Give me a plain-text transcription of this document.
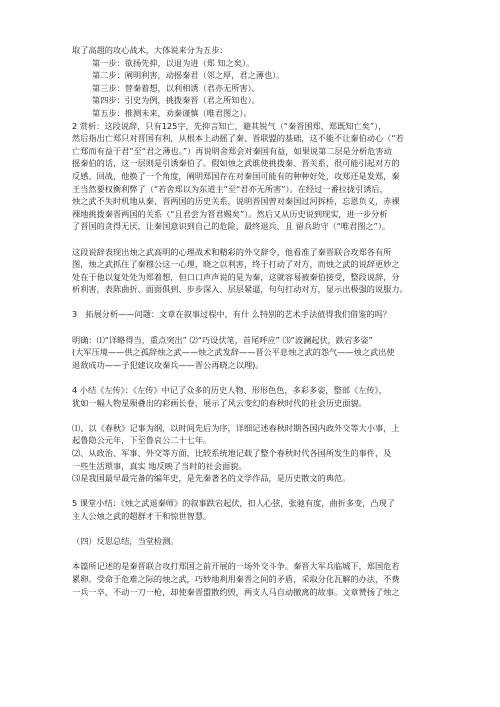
取了高超的攻心战术，大体说来分为五步：

第一步：欲扬先抑，以退为进（郑 知之矣）。

第二步：阐明利害，动摇秦君（邻之厚，君之薄也）。

第三步：替秦着想，以利相诱（君亦无所害）。

第四步：引史为例，挑拨秦晋（君之所知也）。

第五步：推测未来，劝秦谨慎（唯君图之）。

2 赏析：这段说辞，只有125字，先抑言知亡，避其锐气（“秦晋围郑，郑既知亡矣”），

然后指出亡郑只对晋国有利，从根本上动摇了秦、晋联盟的基础，这不能不让秦伯动心（“若

亡郑而有益于君”至“君之薄也。”）再说明舍郑会对秦国有益，如果说第二层是分析危害动

摇秦伯的话，这一层则是引诱秦伯了。假如烛之武谁使挑拨秦、晋关系，很可能引起对方的

反感、回战，他换了一个角度，阐明郑国存在对秦国可能有的种种好处，攻郑还是发郑，秦

王当然要权衡利弊了（“若舍郑以为东道主”至“君亦无所害”）。在经过一番拉拢引诱后，

烛之武不失时机地从秦、晋两国的历史关系，说明晋国曾对秦国过河拆桥，忘恩负义，赤裸

裸地挑拨秦晋两国的关系（“且君尝为晋君赐矣”）。然后又从历史说到现实，进一步分析

了晋国的贪得无厌，让秦国意识到自己的危险，最终退兵，且 留兵助守（“唯君图之”）。

这段说辞表现出烛之武高明的心理战术和精彩的外交辞令，他看准了秦晋联合攻郑各有所

图，烛之武抓住了秦穆公这一心理，晓之以利害，终于打动了对方，而烛之武的说辞更妙之

处在于他以复处处为郑着想，但口口声声说的是为秦，这就容易被秦伯接受，整段说辞，分

析利害，表陈曲折、面面俱到、步步深入、层层紧逼，句句打动对方，显示出极强的说服力。

3　拓展分析——问题：文章在叙事过程中，有什 么特别的艺术手法值得我们借鉴的吗？

明确：⑴“详略得当，重点突出” ⑵“巧设伏笔，首尾呼应” ⑶“波澜起伏，跌宕多姿”

(大军压境——供之孤辞烛之武——烛之武发辞——晋公平息烛之武的怨气——烛之武出使

退敌成功——子犯建议攻秦兵——晋公再晓之以理)。

4 小结《左传》：《左传》中记了众多的历史人物、形形色色，多彩多姿，整部《左传》，

犹如一幅人物星殒叠出的彩画长卷，展示了风云变幻的春秋时代的社会历史面貌。

⑴、以《春秋》记事为纲，以时间先后为序，详细记述春秋时期各国内政外交等大小事，上

起鲁隐公元年，下至鲁哀公二十七年。

⑵、从政治、军事、外交等方面，比较系统地记载了整个春秋时代各国所发生的事件，及

一些生活琐事，真实 地反映了当时的社会面貌。

⑶是我国最早最完备的编年史，是先秦著名的文学作品，是历史散文的典范。

5 课堂小结：《烛之武退秦师》的叙事跌宕起伏，扣人心弦，张驰有度，曲折多变，凸现了

主人公烛之武的超群才干和惊世智慧。

（四）反思总结，当堂检测。

本篇所记述的是秦晋联合攻打郑国之前开展的一场外交斗争。秦晋大军兵临城下，郑国危若

累卵。受命于危难之际的烛之武，巧妙地利用秦晋之间的矛盾，采取分化瓦解的办法，不费

一兵一卒，不动一刀一枪，却使秦晋盟散约毁，两支人马自动撤离的故事。文章赞扬了烛之
